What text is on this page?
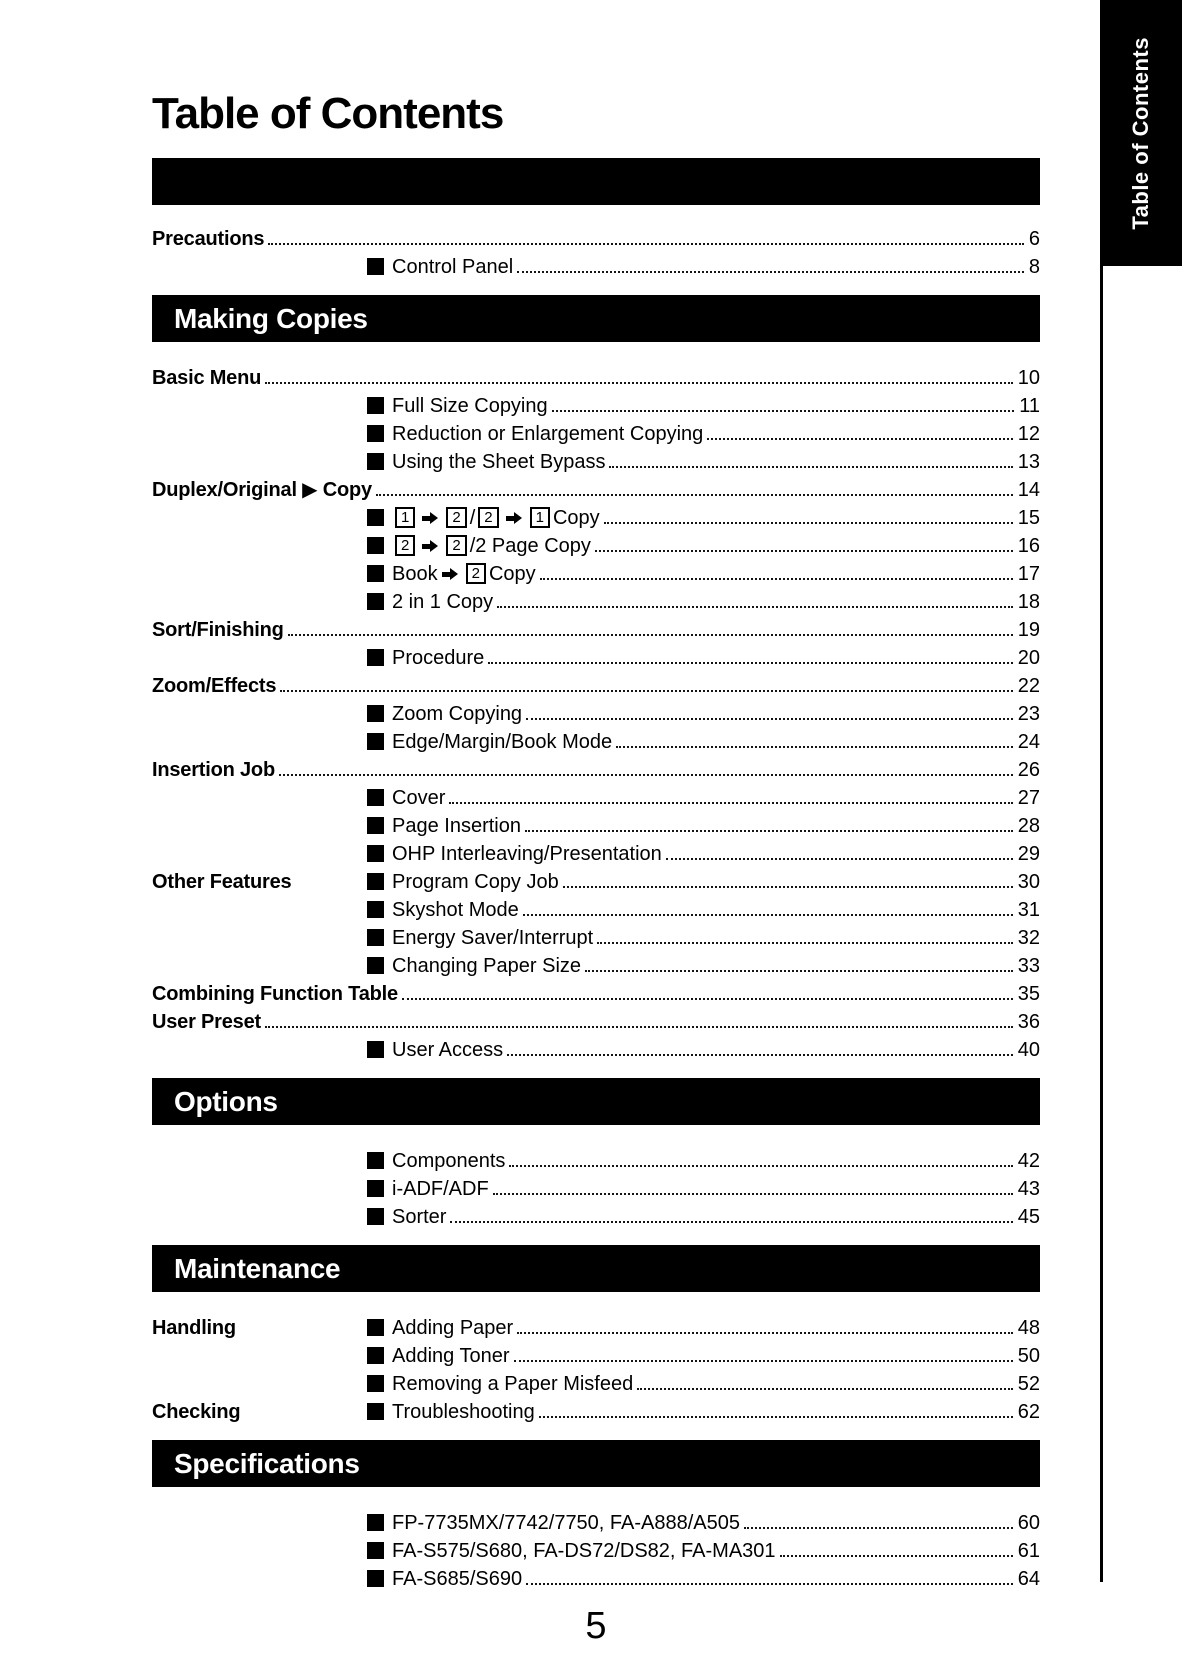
Table of Contents
Table of Contents
Precautions	6
Control Panel	8
Making Copies
Basic Menu	10
Full Size Copying	11
Reduction or Enlargement Copying	12
Using the Sheet Bypass	13
Duplex/Original ▶ Copy	14
1	2 / 2	1 Copy	15
2	2 /2 Page Copy	16
Book	2 Copy	17
2 in 1 Copy	18
Sort/Finishing	19
Procedure	20
Zoom/Effects	22
Zoom Copying	23
Edge/Margin/Book Mode	24
Insertion Job	26
Cover	27
Page Insertion	28
OHP Interleaving/Presentation	29
Other Features	Program Copy Job	30
Skyshot Mode	31
Energy Saver/Interrupt	32
Changing Paper Size	33
Combining Function Table	35
User Preset	36
User Access	40
Options
Components	42
i-ADF/ADF	43
Sorter	45
Maintenance
Handling	Adding Paper	48
Adding Toner	50
Removing a Paper Misfeed	52
Checking	Troubleshooting	62
Specifications
FP-7735MX/7742/7750, FA-A888/A505	60
FA-S575/S680, FA-DS72/DS82, FA-MA301	61
FA-S685/S690	64
5
